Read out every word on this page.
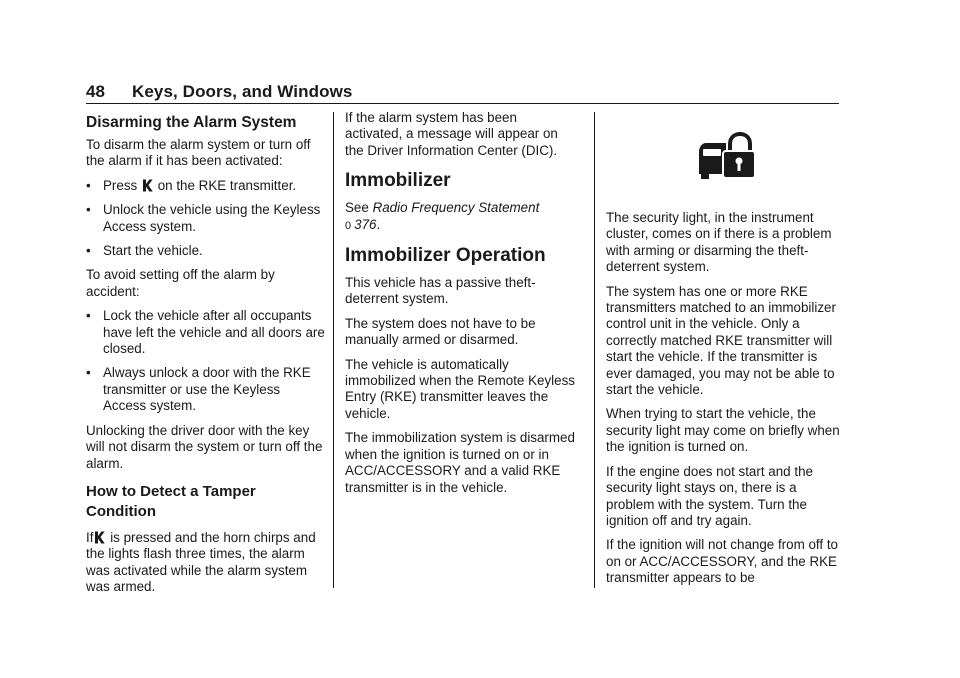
48 Keys, Doors, and Windows
Disarming the Alarm System

To disarm the alarm system or turn off the alarm if it has been activated:

• Press on the RKE transmitter.
• Unlock the vehicle using the Keyless Access system.
• Start the vehicle.

To avoid setting off the alarm by accident:

• Lock the vehicle after all occupants have left the vehicle and all doors are closed.
• Always unlock a door with the RKE transmitter or use the Keyless Access system.

Unlocking the driver door with the key will not disarm the system or turn off the alarm.

How to Detect a Tamper Condition

If is pressed and the horn chirps and the lights flash three times, the alarm was activated while the alarm system was armed.

If the alarm system has been activated, a message will appear on the Driver Information Center (DIC).

Immobilizer

See Radio Frequency Statement
0 376.

Immobilizer Operation

This vehicle has a passive theft-deterrent system.

The system does not have to be manually armed or disarmed.

The vehicle is automatically immobilized when the Remote Keyless Entry (RKE) transmitter leaves the vehicle.

The immobilization system is disarmed when the ignition is turned on or in ACC/ACCESSORY and a valid RKE transmitter is in the vehicle.

The security light, in the instrument cluster, comes on if there is a problem with arming or disarming the theft-deterrent system.

The system has one or more RKE transmitters matched to an immobilizer control unit in the vehicle. Only a correctly matched RKE transmitter will start the vehicle. If the transmitter is ever damaged, you may not be able to start the vehicle.

When trying to start the vehicle, the security light may come on briefly when the ignition is turned on.

If the engine does not start and the security light stays on, there is a problem with the system. Turn the ignition off and try again.

If the ignition will not change from off to on or ACC/ACCESSORY, and the RKE transmitter appears to be
